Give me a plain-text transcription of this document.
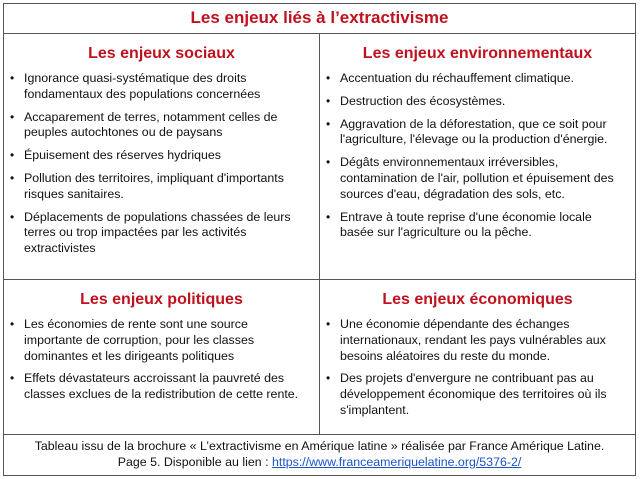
Les enjeux liés à l’extractivisme
Les enjeux sociaux
• Ignorance quasi-systématique des droits fondamentaux des populations concernées
• Accaparement de terres, notamment celles de peuples autochtones ou de paysans
• Épuisement des réserves hydriques
• Pollution des territoires, impliquant d'importants risques sanitaires.
• Déplacements de populations chassées de leurs terres ou trop impactées par les activités extractivistes
Les enjeux environnementaux
• Accentuation du réchauffement climatique.
• Destruction des écosystèmes.
• Aggravation de la déforestation, que ce soit pour l'agriculture, l'élevage ou la production d'énergie.
• Dégâts environnementaux irréversibles, contamination de l'air, pollution et épuisement des sources d'eau, dégradation des sols, etc.
• Entrave à toute reprise d'une économie locale basée sur l'agriculture ou la pêche.
Les enjeux politiques
• Les économies de rente sont une source importante de corruption, pour les classes dominantes et les dirigeants politiques
• Effets dévastateurs accroissant la pauvreté des classes exclues de la redistribution de cette rente.
Les enjeux économiques
• Une économie dépendante des échanges internationaux, rendant les pays vulnérables aux besoins aléatoires du reste du monde.
• Des projets d'envergure ne contribuant pas au développement économique des territoires où ils s'implantent.
Tableau issu de la brochure « L’extractivisme en Amérique latine » réalisée par France Amérique Latine.
Page 5. Disponible au lien : https://www.franceameriquelatine.org/5376-2/
